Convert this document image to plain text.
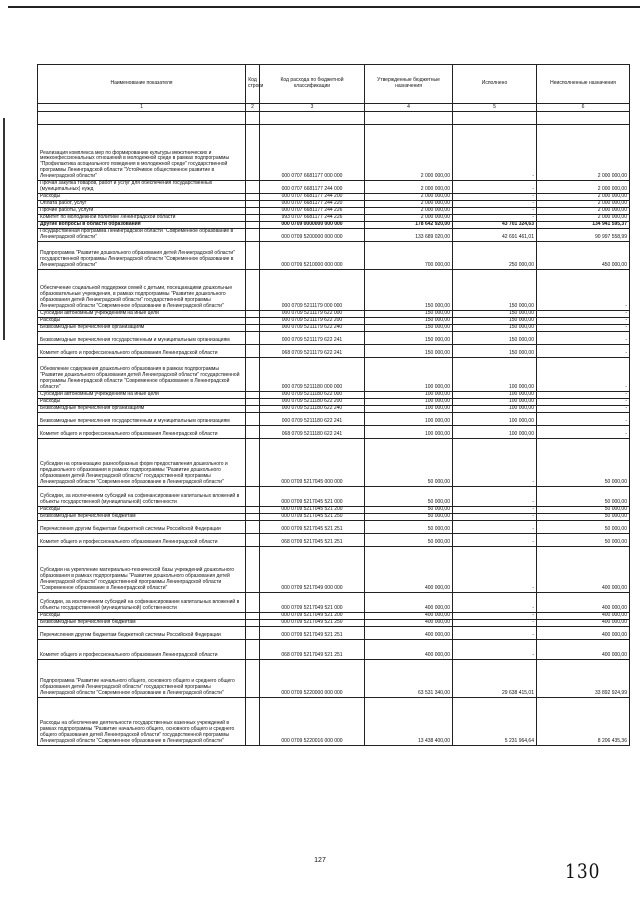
Наименование показателя	Код строки	Код расхода по бюджетной классификации	Утвержденные бюджетные назначения	Исполнено	Неисполненные назначения
1	2	3	4	5	6

Реализация комплекса мер по формированию культуры межэтнических и межконфессиональных отношений в молодежной среде в рамках подпрограммы "Профилактика асоциального поведения в молодежной среде" государственной программы Ленинградской области "Устойчивое общественное развитие в Ленинградской области"		000 0707 6681177 000 000	2 000 000,00	-	2 000 000,00
Прочая закупка товаров, работ и услуг для обеспечения государственных (муниципальных) нужд		000 0707 6681177 244 000	2 000 000,00	-	2 000 000,00
Расходы		000 0707 6681177 244 200	2 000 000,00	-	2 000 000,00
Оплата работ, услуг		000 0707 6681177 244 220	2 000 000,00	-	2 000 000,00
Прочие работы, услуги		000 0707 6681177 244 226	2 000 000,00	-	2 000 000,00
Комитет по молодежной политике Ленинградской области		993 0707 6681177 244 226	2 000 000,00	-	2 000 000,00
Другие вопросы в области образования		000 0709 0000000 000 000	178 642 920,00	43 701 324,63	134 941 595,37
Государственная программа Ленинградской области "Современное образование в Ленинградской области"		000 0709 5200000 000 000	133 689 020,00	42 691 461,01	90 997 558,99
Подпрограмма "Развитие дошкольного образования детей Ленинградской области" государственной программы Ленинградской области "Современное образование в Ленинградской области"		000 0709 5210000 000 000	700 000,00	250 000,00	450 000,00
Обеспечение социальной поддержки семей с детьми, посещающими дошкольные образовательные учреждения, в рамках подпрограммы "Развитие дошкольного образования детей Ленинградской области" государственной программы Ленинградской области "Современное образование в Ленинградской области"		000 0709 5211179 000 000	150 000,00	150 000,00	-
Субсидии автономным учреждениям на иные цели		000 0709 5211179 622 000	150 000,00	150 000,00	-
Расходы		000 0709 5211179 622 200	150 000,00	150 000,00	-
Безвозмездные перечисления организациям		000 0709 5211179 622 240	150 000,00	150 000,00	-
Безвозмездные перечисления государственным и муниципальным организациям		000 0709 5211179 622 241	150 000,00	150 000,00	-
Комитет общего и профессионального образования Ленинградской области		068 0709 5211179 622 241	150 000,00	150 000,00	-
Обновление содержания дошкольного образования в рамках подпрограммы "Развитие дошкольного образования детей Ленинградской области" государственной программы Ленинградской области "Современное образование в Ленинградской области"		000 0709 5211180 000 000	100 000,00	100 000,00	-
Субсидии автономным учреждениям на иные цели		000 0709 5211180 622 000	100 000,00	100 000,00	-
Расходы		000 0709 5211180 622 200	100 000,00	100 000,00	-
Безвозмездные перечисления организациям		000 0709 5211180 622 240	100 000,00	100 000,00	-
Безвозмездные перечисления государственным и муниципальным организациям		000 0709 5211180 622 241	100 000,00	100 000,00	-
Комитет общего и профессионального образования Ленинградской области		068 0709 5211180 622 241	100 000,00	100 000,00	-
Субсидии на организацию разнообразных форм предоставления дошкольного и предшкольного образования в рамках подпрограммы "Развитие дошкольного образования детей Ленинградской области" государственной программы Ленинградской области "Современное образование в Ленинградской области"		000 0709 5217045 000 000	50 000,00	-	50 000,00
Субсидии, за исключением субсидий на софинансирование капитальных вложений в объекты государственной (муниципальной) собственности		000 0709 5217045 521 000	50 000,00	-	50 000,00
Расходы		000 0709 5217045 521 200	50 000,00	-	50 000,00
Безвозмездные перечисления бюджетам		000 0709 5217045 521 250	50 000,00	-	50 000,00
Перечисления другим бюджетам бюджетной системы Российской Федерации		000 0709 5217045 521 251	50 000,00	-	50 000,00
Комитет общего и профессионального образования Ленинградской области		068 0709 5217045 521 251	50 000,00	-	50 000,00
Субсидии на укрепление материально-технической базы учреждений дошкольного образования в рамках подпрограммы "Развитие дошкольного образования детей Ленинградской области" государственной программы Ленинградской области "Современное образование в Ленинградской области"		000 0709 5217049 000 000	400 000,00	-	400 000,00
Субсидии, за исключением субсидий на софинансирование капитальных вложений в объекты государственной (муниципальной) собственности		000 0709 5217049 521 000	400 000,00	-	400 000,00
Расходы		000 0709 5217049 521 200	400 000,00	-	400 000,00
Безвозмездные перечисления бюджетам		000 0709 5217049 521 250	400 000,00	-	400 000,00
Перечисления другим бюджетам бюджетной системы Российской Федерации		000 0709 5217049 521 251	400 000,00	-	400 000,00
Комитет общего и профессионального образования Ленинградской области		068 0709 5217049 521 251	400 000,00	-	400 000,00
Подпрограмма "Развитие начального общего, основного общего и среднего общего образования детей Ленинградской области" государственной программы Ленинградской области "Современное образование в Ленинградской области"		000 0709 5220000 000 000	63 531 340,00	29 638 415,01	33 892 924,99
Расходы на обеспечение деятельности государственных казенных учреждений в рамках подпрограммы "Развитие начального общего, основного общего и среднего общего образования детей Ленинградской области" государственной программы Ленинградской области "Современное образование в Ленинградской области"		000 0709 5220016 000 000	13 438 400,00	5 231 964,64	8 206 435,36
127	130
